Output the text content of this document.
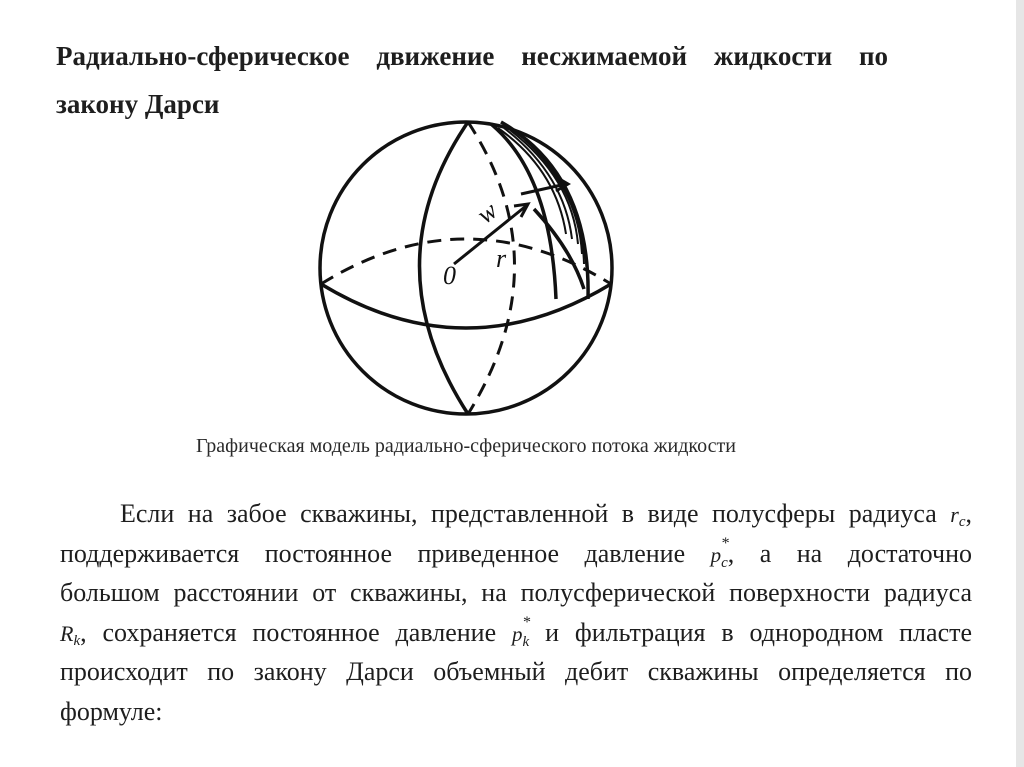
Радиально-сферическое движение несжимаемой жидкости по закону Дарси
w
r
0
Графическая модель радиально-сферического потока жидкости
Если на забое скважины, представленной в виде полусферы радиуса $r_c$,
поддерживается постоянное приведенное давление p *
$_c$, а на достаточно
большом расстоянии от скважины, на полусферической поверхности радиуса
$R_k$, сохраняется постоянное давление p *
$_k$ и фильтрация в однородном пласте
происходит по закону Дарси объемный дебит скважины определяется по
формуле:
